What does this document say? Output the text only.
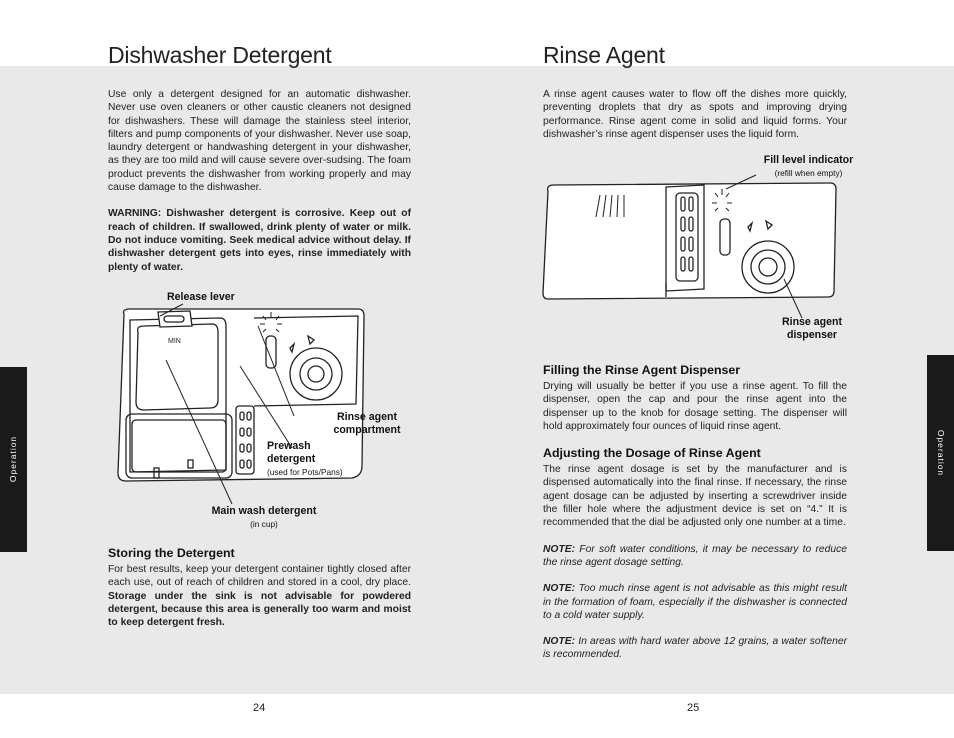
Operation	Operation
Dishwasher Detergent

Use only a detergent designed for an automatic dishwasher. Never use oven cleaners or other caustic cleaners not designed for dishwashers. These will damage the stainless steel interior, filters and pump components of your dishwasher. Never use soap, laundry detergent or handwashing detergent in your dishwasher, as they are too mild and will cause severe over-sudsing. The foam product prevents the dishwasher from working properly and may cause damage to the dishwasher.

WARNING: Dishwasher detergent is corrosive. Keep out of reach of children. If swallowed, drink plenty of water or milk. Do not induce vomiting. Seek medical advice without delay. If dishwasher detergent gets into eyes, rinse immediately with plenty of water.

MIN
Release lever
Rinse agent compartment
Prewash detergent
(used for Pots/Pans)
Main wash detergent
(in cup)
Storing the Detergent

For best results, keep your detergent container tightly closed after each use, out of reach of children and stored in a cool, dry place. Storage under the sink is not advisable for powdered detergent, because this area is generally too warm and moist to keep detergent fresh.

24
Rinse Agent

A rinse agent causes water to flow off the dishes more quickly, preventing droplets that dry as spots and improving drying performance. Rinse agent come in solid and liquid forms. Your dishwasher’s rinse agent dispenser uses the liquid form.

Fill level indicator
(refill when empty)
Rinse agent dispenser
Filling the Rinse Agent Dispenser

Drying will usually be better if you use a rinse agent. To fill the dispenser, open the cap and pour the rinse agent into the dispenser up to the knob for dosage setting. The dispenser will hold approximately four ounces of liquid rinse agent.

Adjusting the Dosage of Rinse Agent

The rinse agent dosage is set by the manufacturer and is dispensed automatically into the final rinse. If necessary, the rinse agent dosage can be adjusted by inserting a screwdriver inside the filler hole where the adjustment device is set on “4.” It is recommended that the dial be adjusted only one number at a time.

NOTE: For soft water conditions, it may be necessary to reduce the rinse agent dosage setting.

NOTE: Too much rinse agent is not advisable as this might result in the formation of foam, especially if the dishwasher is connected to a cold water supply.

NOTE: In areas with hard water above 12 grains, a water softener is recommended.

25
